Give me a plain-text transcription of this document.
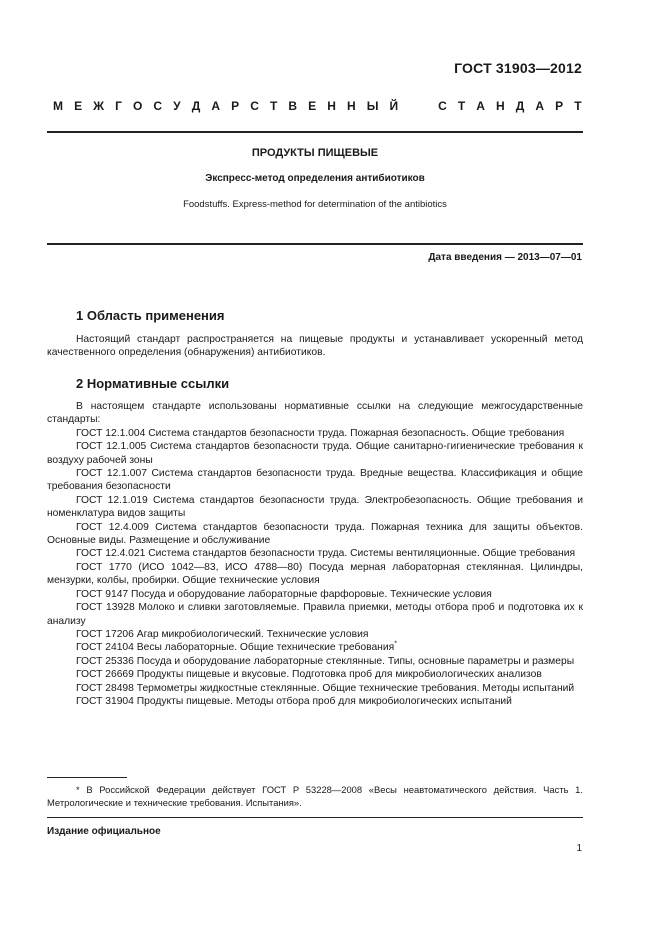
ГОСТ 31903—2012
М Е Ж Г О С У Д А Р С Т В Е Н Н Ы Й

	С Т А Н Д А Р Т
ПРОДУКТЫ ПИЩЕВЫЕ
Экспресс-метод определения антибиотиков
Foodstuffs. Express-method for determination of the antibiotics
Дата введения — 2013—07—01
1 Область применения

Настоящий стандарт распространяется на пищевые продукты и устанавливает ускоренный метод качественного определения (обнаружения) антибиотиков.

2 Нормативные ссылки

В настоящем стандарте использованы нормативные ссылки на следующие межгосударственные стандарты:

ГОСТ 12.1.004 Система стандартов безопасности труда. Пожарная безопасность. Общие требования

ГОСТ 12.1.005 Система стандартов безопасности труда. Общие санитарно-гигиенические требования к воздуху рабочей зоны

ГОСТ 12.1.007 Система стандартов безопасности труда. Вредные вещества. Классификация и общие требования безопасности

ГОСТ 12.1.019 Система стандартов безопасности труда. Электробезопасность. Общие требования и номенклатура видов защиты

ГОСТ 12.4.009 Система стандартов безопасности труда. Пожарная техника для защиты объектов. Основные виды. Размещение и обслуживание

ГОСТ 12.4.021 Система стандартов безопасности труда. Системы вентиляционные. Общие требования

ГОСТ 1770 (ИСО 1042—83, ИСО 4788—80) Посуда мерная лабораторная стеклянная. Цилиндры, мензурки, колбы, пробирки. Общие технические условия

ГОСТ 9147 Посуда и оборудование лабораторные фарфоровые. Технические условия

ГОСТ 13928 Молоко и сливки заготовляемые. Правила приемки, методы отбора проб и подготовка их к анализу

ГОСТ 17206 Агар микробиологический. Технические условия

ГОСТ 24104 Весы лабораторные. Общие технические требования*

ГОСТ 25336 Посуда и оборудование лабораторные стеклянные. Типы, основные параметры и размеры

ГОСТ 26669 Продукты пищевые и вкусовые. Подготовка проб для микробиологических анализов

ГОСТ 28498 Термометры жидкостные стеклянные. Общие технические требования. Методы испытаний

ГОСТ 31904 Продукты пищевые. Методы отбора проб для микробиологических испытаний

* В Российской Федерации действует ГОСТ Р 53228—2008 «Весы неавтоматического действия. Часть 1. Метрологические и технические требования. Испытания».

Издание официальное
1
